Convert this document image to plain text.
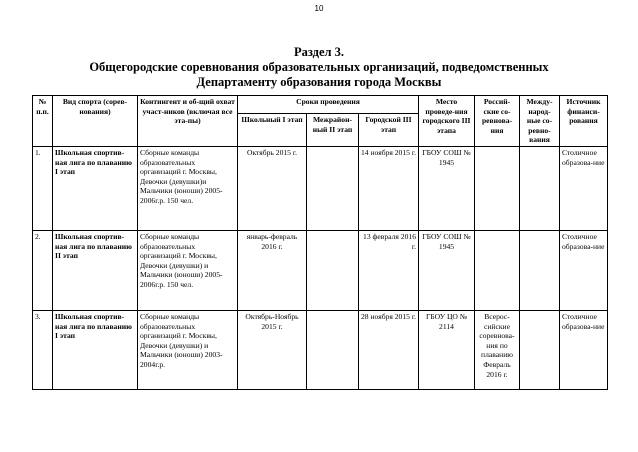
10
Раздел 3.
Общегородские соревнования образовательных организаций, подведомственных
Департаменту образования города Москвы
№ п.п.	Вид спорта (сорев-нования)	Контингент и об-щий охват участ-ников (включая все эта-пы)	Сроки проведения			Место проведе-ния городского III этапа	Россий-ские со-ревнова-ния	Между-народ-ные со-ревно-вания	Источник финанси-рования
			Школьный I этап	Межрайон-ный II этап	Городской III этап				
1.	Школьная спортив-ная лига по плаванию I этап	Сборные команды образовательных организаций г. Москвы, Девочки (девушки)и Мальчики (юноши) 2005-2006г.р. 150 чел.	Октябрь 2015 г.		14 ноября 2015 г.	ГБОУ СОШ № 1945			Столичное образова-ние
2.	Школьная спортив-ная лига по плаванию II этап	Сборные команды образовательных организаций г. Москвы, Девочки (девушки) и Мальчики (юноши) 2005-2006г.р. 150 чел.	январь-февраль 2016 г.		13 февраля 2016 г.	ГБОУ СОШ № 1945			Столичное образова-ние
3.	Школьная спортив-ная лига по плаванию I этап	Сборные команды образовательных организаций г. Москвы, Девочки (девушки) и Мальчики (юноши) 2003-2004г.р.	Октябрь-Ноябрь 2015 г.		28 ноября 2015 г.	ГБОУ ЦО № 2114	Всерос-сийские соревнова-ния по плаванию Февраль 2016 г.		Столичное образова-ние
